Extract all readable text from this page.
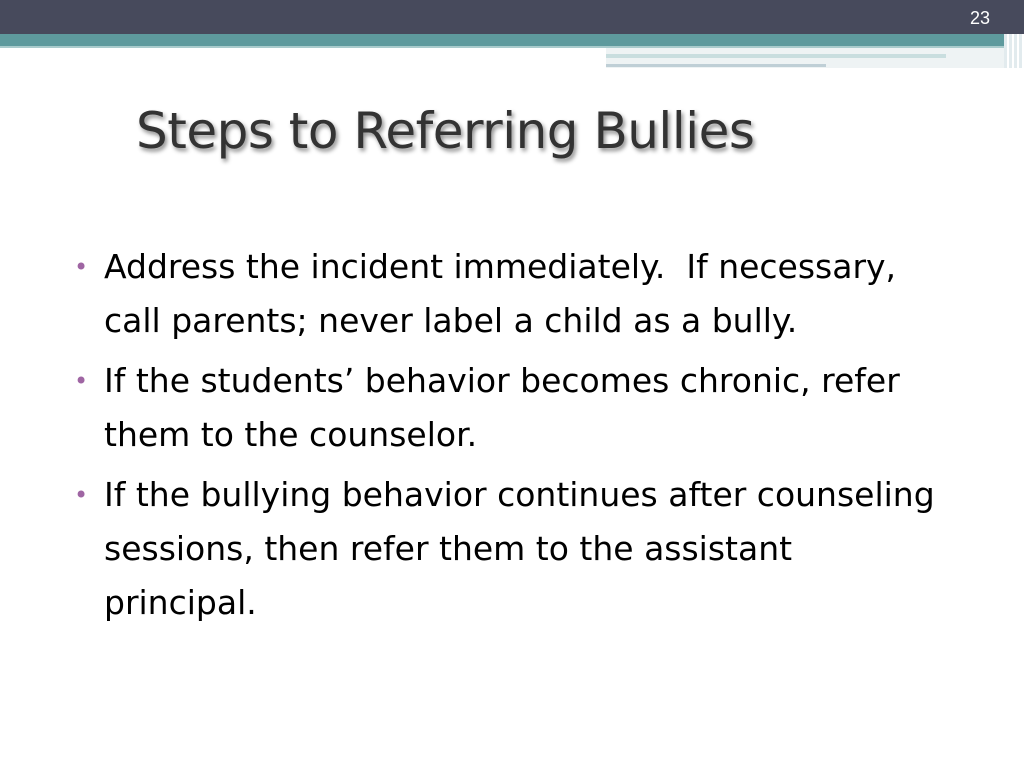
23
Steps to Referring Bullies
• Address the incident immediately.  If necessary, call parents; never label a child as a bully.
• If the students’ behavior becomes chronic, refer them to the counselor.
• If the bullying behavior continues after counseling sessions, then refer them to the assistant principal.
